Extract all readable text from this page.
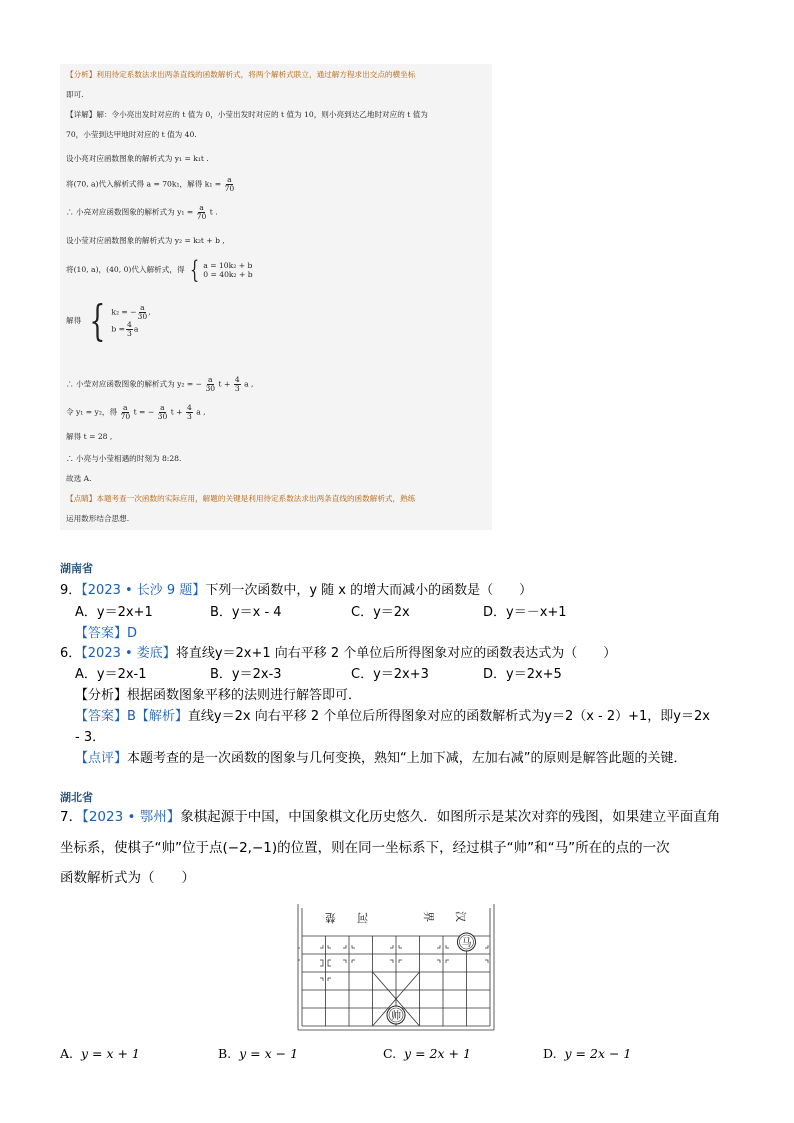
【分析】利用待定系数法求出两条直线的函数解析式，将两个解析式联立，通过解方程求出交点的横坐标
即可.
【详解】解：令小亮出发时对应的 t 值为 0，小莹出发时对应的 t 值为 10，则小亮到达乙地时对应的 t 值为
70，小莹到达甲地时对应的 t 值为 40.
设小亮对应函数图象的解析式为 y₁ = k₁t .
将(70, a)代入解析式得 a = 70k₁，解得 $k_1 = \frac{a}{70}$
∴ 小亮对应函数图象的解析式为 $y_1 = \frac{a}{70}$ t .
设小莹对应函数图象的解析式为 y₂ = k₂t + b ,
将(10, a)，(40, 0)代入解析式，得 { a = 10k₂ + b
0 = 40k₂ + b
解得 { k₂ = − $\frac{a}{30}$ ,
$b = \frac{4}{3}$ a
∴ 小莹对应函数图象的解析式为 y₂ = − $\frac{a}{30}$ $t + \frac{4}{3}$ a ,
令 y₁ = y₂，得 $\frac{a}{70}$ t = − $\frac{a}{30}$ $t + \frac{4}{3}$ a ,
解得 t = 28 ,
∴ 小亮与小莹相遇的时刻为 8:28.
故选 A.
【点睛】本题考查一次函数的实际应用，解题的关键是利用待定系数法求出两条直线的函数解析式，熟练
运用数形结合思想.
湖南省
9．【2023 • 长沙 9 题】下列一次函数中，y 随 x 的增大而减小的函数是（　　）
A．y＝2x+1	B．y＝x - 4	C．y＝2x	D．y＝－x+1
【答案】D
6．【2023 • 娄底】将直线y＝2x+1 向右平移 2 个单位后所得图象对应的函数表达式为（　　）
A．y＝2x-1	B．y＝2x-3	C．y＝2x+3	D．y＝2x+5
【分析】根据函数图象平移的法则进行解答即可．
【答案】B【解析】直线y＝2x 向右平移 2 个单位后所得图象对应的函数解析式为y＝2（x - 2）+1，即y＝2x
- 3．
【点评】本题考查的是一次函数的图象与几何变换，熟知“上加下减，左加右减”的原则是解答此题的关键．
湖北省
7．【2023 • 鄂州】象棋起源于中国，中国象棋文化历史悠久．如图所示是某次对弈的残图，如果建立平面直角
坐标系，使棋子“帅”位于点(−2,−1)的位置，则在同一坐标系下，经过棋子“帅”和“马”所在的点的一次
函数解析式为（　　）
楚 河	界 汉
马
帅
A. y = x + 1	B. y = x − 1	C. y = 2x + 1	D. y = 2x − 1
